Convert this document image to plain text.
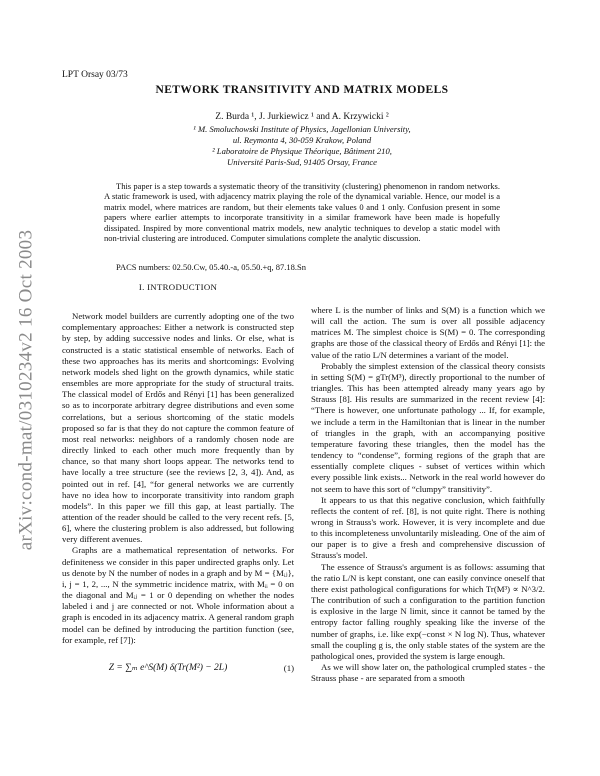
arXiv:cond-mat/0310234v2 16 Oct 2003
LPT Orsay 03/73
NETWORK TRANSITIVITY AND MATRIX MODELS
Z. Burda ¹, J. Jurkiewicz ¹ and A. Krzywicki ²
¹ M. Smoluchowski Institute of Physics, Jagellonian University,
ul. Reymonta 4, 30-059 Krakow, Poland
² Laboratoire de Physique Théorique, Bâtiment 210,
Université Paris-Sud, 91405 Orsay, France

This paper is a step towards a systematic theory of the transitivity (clustering) phenomenon in random networks. A static framework is used, with adjacency matrix playing the role of the dynamical variable. Hence, our model is a matrix model, where matrices are random, but their elements take values 0 and 1 only. Confusion present in some papers where earlier attempts to incorporate transitivity in a similar framework have been made is hopefully dissipated. Inspired by more conventional matrix models, new analytic techniques to develop a static model with non-trivial clustering are introduced. Computer simulations complete the analytic discussion.

PACS numbers: 02.50.Cw, 05.40.-a, 05.50.+q, 87.18.Sn

I. INTRODUCTION

Network model builders are currently adopting one of the two complementary approaches: Either a network is constructed step by step, by adding successive nodes and links. Or else, what is constructed is a static statistical ensemble of networks. Each of these two approaches has its merits and shortcomings: Evolving network models shed light on the growth dynamics, while static ensembles are more appropriate for the study of structural traits. The classical model of Erdős and Rényi [1] has been generalized so as to incorporate arbitrary degree distributions and even some correlations, but a serious shortcoming of the static models proposed so far is that they do not capture the common feature of most real networks: neighbors of a randomly chosen node are directly linked to each other much more frequently than by chance, so that many short loops appear. The networks tend to have locally a tree structure (see the reviews [2, 3, 4]). And, as pointed out in ref. [4], “for general networks we are currently have no idea how to incorporate transitivity into random graph models”. In this paper we fill this gap, at least partially. The attention of the reader should be called to the very recent refs. [5, 6], where the clustering problem is also addressed, but following very different avenues.

Graphs are a mathematical representation of networks. For definiteness we consider in this paper undirected graphs only. Let us denote by N the number of nodes in a graph and by M = {Mᵢⱼ}, i, j = 1, 2, ..., N the symmetric incidence matrix, with Mᵢᵢ = 0 on the diagonal and Mᵢⱼ = 1 or 0 depending on whether the nodes labeled i and j are connected or not. Whole information about a graph is encoded in its adjacency matrix. A general random graph model can be defined by introducing the partition function (see, for example, ref [7]):

Z = ∑ₘ e^S(M) δ(Tr(M²) − 2L)	(1)

where L is the number of links and S(M) is a function which we will call the action. The sum is over all possible adjacency matrices M. The simplest choice is S(M) = 0. The corresponding graphs are those of the classical theory of Erdős and Rényi [1]: the value of the ratio L/N determines a variant of the model.

Probably the simplest extension of the classical theory consists in setting S(M) = gTr(M³), directly proportional to the number of triangles. This has been attempted already many years ago by Strauss [8]. His results are summarized in the recent review [4]: “There is however, one unfortunate pathology ... If, for example, we include a term in the Hamiltonian that is linear in the number of triangles in the graph, with an accompanying positive temperature favoring these triangles, then the model has the tendency to “condense”, forming regions of the graph that are essentially complete cliques - subset of vertices within which every possible link exists... Network in the real world however do not seem to have this sort of “clumpy” transitivity”.

It appears to us that this negative conclusion, which faithfully reflects the content of ref. [8], is not quite right. There is nothing wrong in Strauss's work. However, it is very incomplete and due to this incompleteness unvoluntarily misleading. One of the aim of our paper is to give a fresh and comprehensive discussion of Strauss's model.

The essence of Strauss's argument is as follows: assuming that the ratio L/N is kept constant, one can easily convince oneself that there exist pathological configurations for which Tr(M³) ∝ N^3/2. The contribution of such a configuration to the partition function is explosive in the large N limit, since it cannot be tamed by the entropy factor falling roughly speaking like the inverse of the number of graphs, i.e. like exp(−const × N log N). Thus, whatever small the coupling g is, the only stable states of the system are the pathological ones, provided the system is large enough.

As we will show later on, the pathological crumpled states - the Strauss phase - are separated from a smooth
